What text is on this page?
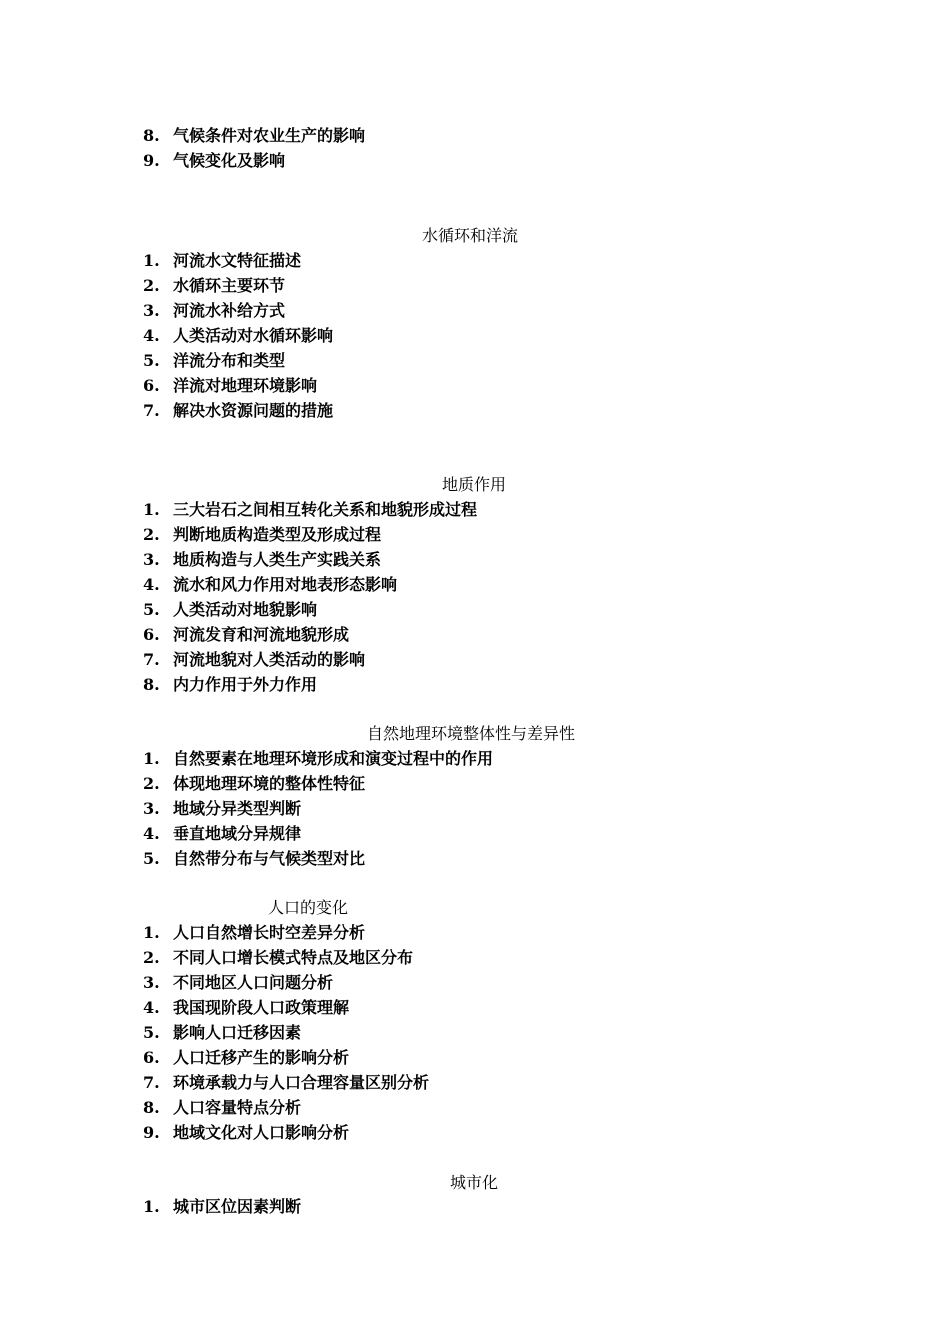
8. 气候条件对农业生产的影响
9. 气候变化及影响
水循环和洋流
1. 河流水文特征描述
2. 水循环主要环节
3. 河流水补给方式
4. 人类活动对水循环影响
5. 洋流分布和类型
6. 洋流对地理环境影响
7. 解决水资源问题的措施
地质作用
1. 三大岩石之间相互转化关系和地貌形成过程
2. 判断地质构造类型及形成过程
3. 地质构造与人类生产实践关系
4. 流水和风力作用对地表形态影响
5. 人类活动对地貌影响
6. 河流发育和河流地貌形成
7. 河流地貌对人类活动的影响
8. 内力作用于外力作用
自然地理环境整体性与差异性
1. 自然要素在地理环境形成和演变过程中的作用
2. 体现地理环境的整体性特征
3. 地域分异类型判断
4. 垂直地域分异规律
5. 自然带分布与气候类型对比
人口的变化
1. 人口自然增长时空差异分析
2. 不同人口增长模式特点及地区分布
3. 不同地区人口问题分析
4. 我国现阶段人口政策理解
5. 影响人口迁移因素
6. 人口迁移产生的影响分析
7. 环境承载力与人口合理容量区别分析
8. 人口容量特点分析
9. 地域文化对人口影响分析
城市化
1. 城市区位因素判断
